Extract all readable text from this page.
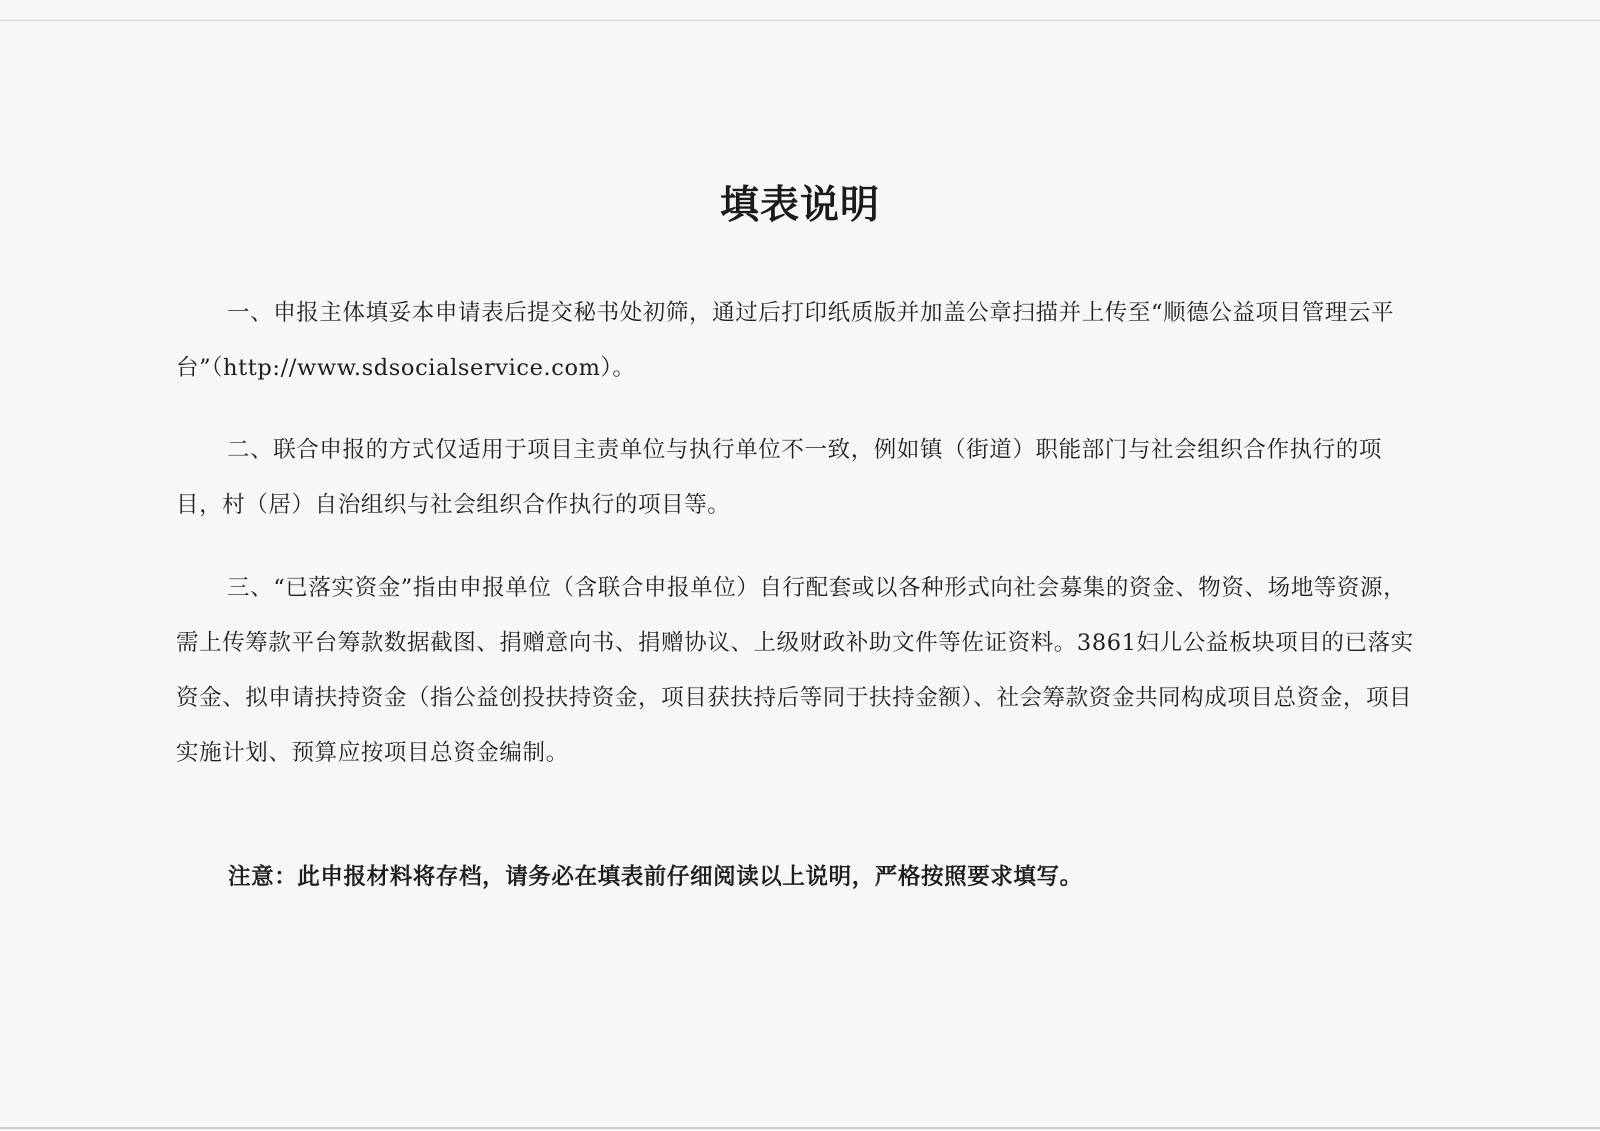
填表说明

一、申报主体填妥本申请表后提交秘书处初筛，通过后打印纸质版并加盖公章扫描并上传至“顺德公益项目管理云平台”（http://www.sdsocialservice.com）。

二、联合申报的方式仅适用于项目主责单位与执行单位不一致，例如镇（街道）职能部门与社会组织合作执行的项目，村（居）自治组织与社会组织合作执行的项目等。

三、“已落实资金”指由申报单位（含联合申报单位）自行配套或以各种形式向社会募集的资金、物资、场地等资源，需上传筹款平台筹款数据截图、捐赠意向书、捐赠协议、上级财政补助文件等佐证资料。3861妇儿公益板块项目的已落实资金、拟申请扶持资金（指公益创投扶持资金，项目获扶持后等同于扶持金额）、社会筹款资金共同构成项目总资金，项目实施计划、预算应按项目总资金编制。

注意：此申报材料将存档，请务必在填表前仔细阅读以上说明，严格按照要求填写。
